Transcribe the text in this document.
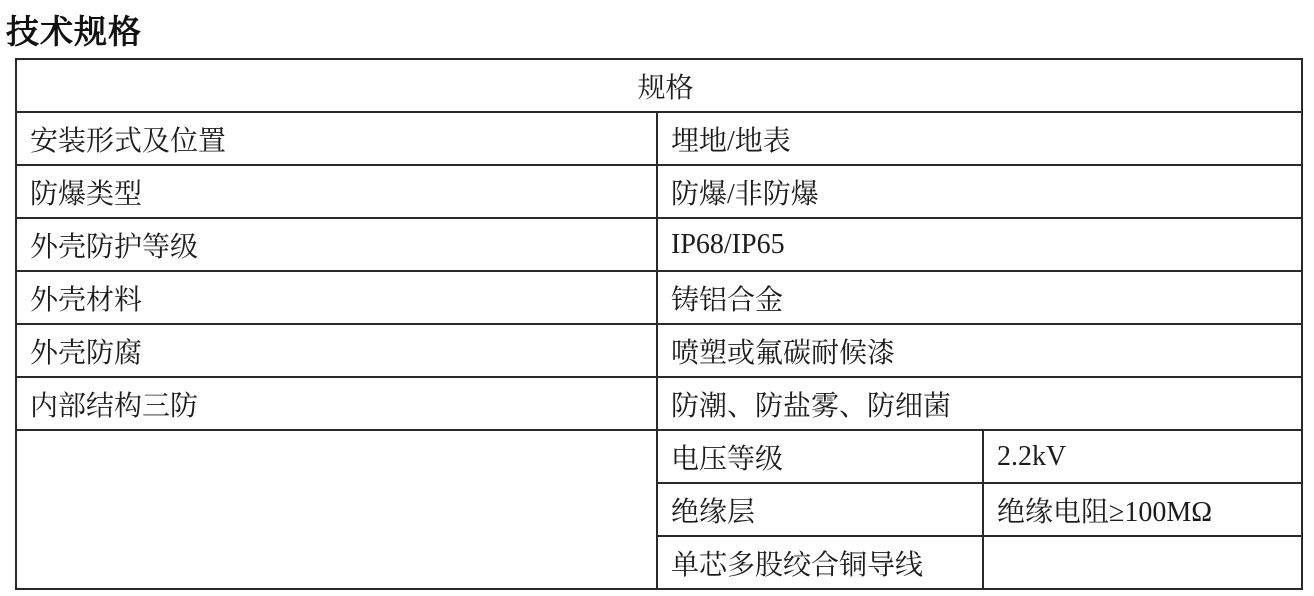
技术规格
规格		
安装形式及位置	埋地/地表	
防爆类型	防爆/非防爆	
外壳防护等级	IP68/IP65	
外壳材料	铸铝合金	
外壳防腐	喷塑或氟碳耐候漆	
内部结构三防	防潮、防盐雾、防细菌	
	电压等级	2.2kV
	绝缘层	绝缘电阻≥100MΩ
	单芯多股绞合铜导线	
